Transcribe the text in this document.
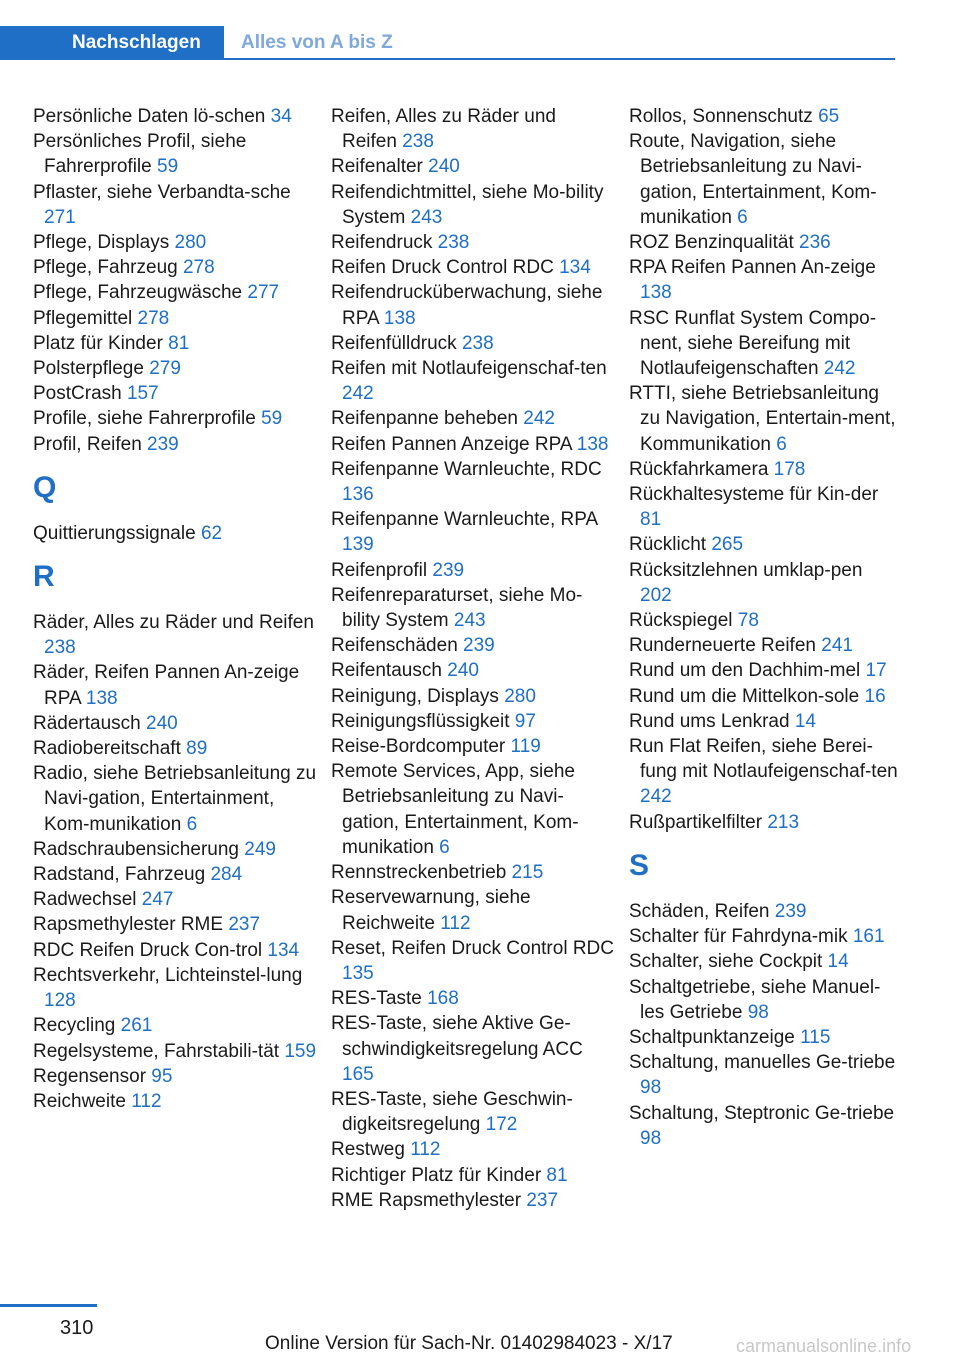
Nachschlagen	Alles von A bis Z
Persönliche Daten lö-schen 34
Persönliches Profil, siehe Fahrerprofile 59
Pflaster, siehe Verbandta-sche 271
Pflege, Displays 280
Pflege, Fahrzeug 278
Pflege, Fahrzeugwäsche 277
Pflegemittel 278
Platz für Kinder 81
Polsterpflege 279
PostCrash 157
Profile, siehe Fahrerprofile 59
Profil, Reifen 239
Q
Quittierungssignale 62
R
Räder, Alles zu Räder und Reifen 238
Räder, Reifen Pannen An-zeige RPA 138
Rädertausch 240
Radiobereitschaft 89
Radio, siehe Betriebsanleitung zu Navi-gation, Entertainment, Kom-munikation 6
Radschraubensicherung 249
Radstand, Fahrzeug 284
Radwechsel 247
Rapsmethylester RME 237
RDC Reifen Druck Con-trol 134
Rechtsverkehr, Lichteinstel-lung 128
Recycling 261
Regelsysteme, Fahrstabili-tät 159
Regensensor 95
Reichweite 112
Reifen, Alles zu Räder und Reifen 238
Reifenalter 240
Reifendichtmittel, siehe Mo-bility System 243
Reifendruck 238
Reifen Druck Control RDC 134
Reifendrucküberwachung, siehe RPA 138
Reifenfülldruck 238
Reifen mit Notlaufeigenschaf-ten 242
Reifenpanne beheben 242
Reifen Pannen Anzeige RPA 138
Reifenpanne Warnleuchte, RDC 136
Reifenpanne Warnleuchte, RPA 139
Reifenprofil 239
Reifenreparaturset, siehe Mo-bility System 243
Reifenschäden 239
Reifentausch 240
Reinigung, Displays 280
Reinigungsflüssigkeit 97
Reise-Bordcomputer 119
Remote Services, App, siehe Betriebsanleitung zu Navi-gation, Entertainment, Kom-munikation 6
Rennstreckenbetrieb 215
Reservewarnung, siehe Reichweite 112
Reset, Reifen Druck Control RDC 135
RES-Taste 168
RES-Taste, siehe Aktive Ge-schwindigkeitsregelung ACC 165
RES-Taste, siehe Geschwin-digkeitsregelung 172
Restweg 112
Richtiger Platz für Kinder 81
RME Rapsmethylester 237
Rollos, Sonnenschutz 65
Route, Navigation, siehe Betriebsanleitung zu Navi-gation, Entertainment, Kom-munikation 6
ROZ Benzinqualität 236
RPA Reifen Pannen An-zeige 138
RSC Runflat System Compo-nent, siehe Bereifung mit Notlaufeigenschaften 242
RTTI, siehe Betriebsanleitung zu Navigation, Entertain-ment, Kommunikation 6
Rückfahrkamera 178
Rückhaltesysteme für Kin-der 81
Rücklicht 265
Rücksitzlehnen umklap-pen 202
Rückspiegel 78
Runderneuerte Reifen 241
Rund um den Dachhim-mel 17
Rund um die Mittelkon-sole 16
Rund ums Lenkrad 14
Run Flat Reifen, siehe Berei-fung mit Notlaufeigenschaf-ten 242
Rußpartikelfilter 213
S
Schäden, Reifen 239
Schalter für Fahrdyna-mik 161
Schalter, siehe Cockpit 14
Schaltgetriebe, siehe Manuel-les Getriebe 98
Schaltpunktanzeige 115
Schaltung, manuelles Ge-triebe 98
Schaltung, Steptronic Ge-triebe 98
310
Online Version für Sach-Nr. 01402984023 - X/17	carmanualsonline.info
